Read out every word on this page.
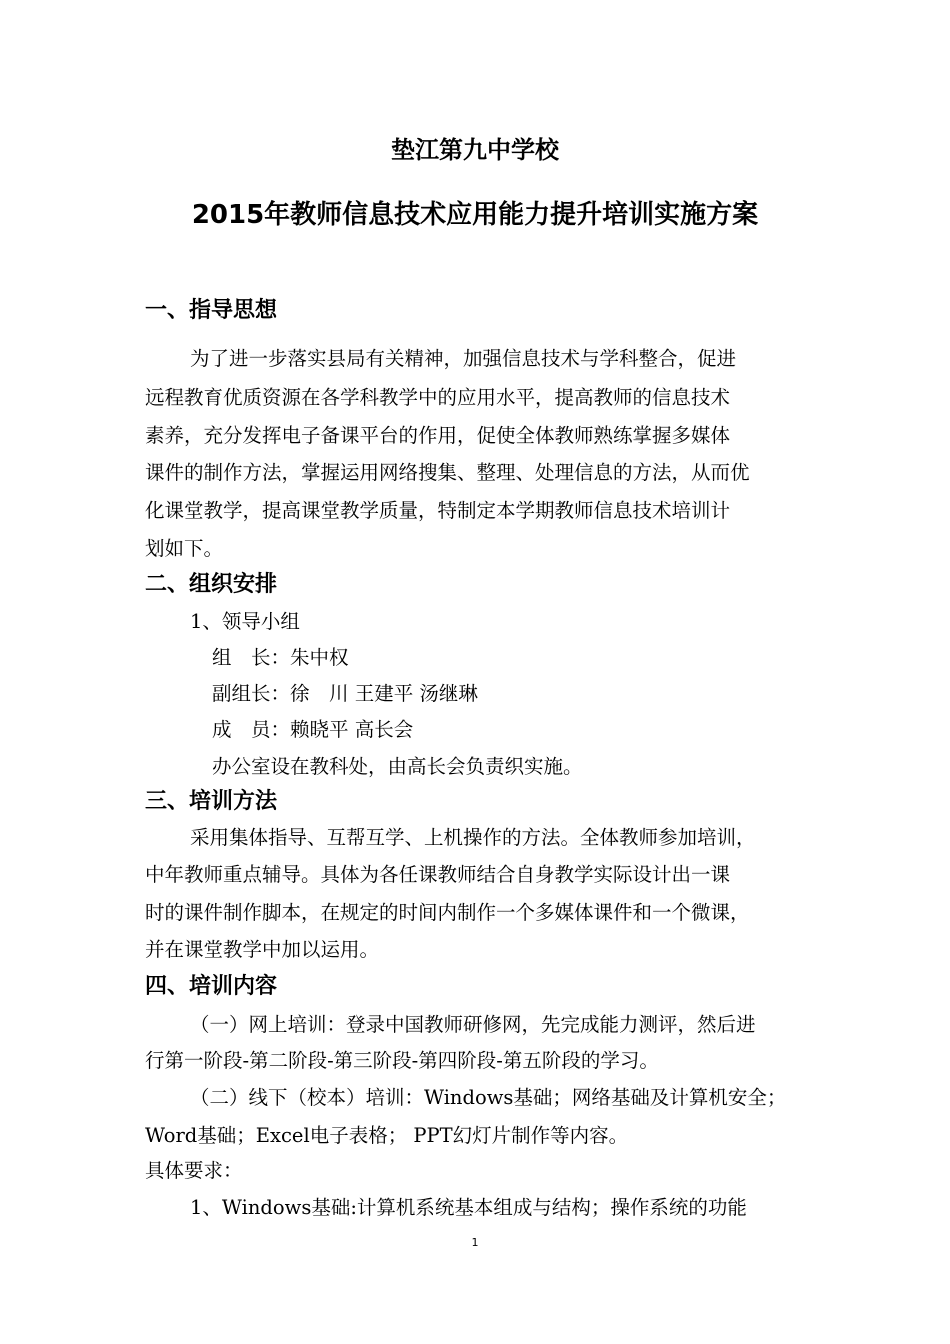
垫江第九中学校
2015年教师信息技术应用能力提升培训实施方案
一、指导思想
为了进一步落实县局有关精神，加强信息技术与学科整合，促进
远程教育优质资源在各学科教学中的应用水平，提高教师的信息技术
素养，充分发挥电子备课平台的作用，促使全体教师熟练掌握多媒体
课件的制作方法，掌握运用网络搜集、整理、处理信息的方法，从而优
化课堂教学，提高课堂教学质量，特制定本学期教师信息技术培训计
划如下。
二、组织安排
1、领导小组
组　长：朱中权
副组长：徐　川 王建平 汤继琳
成　员：赖晓平 高长会
办公室设在教科处，由高长会负责织实施。
三、培训方法
采用集体指导、互帮互学、上机操作的方法。全体教师参加培训，
中年教师重点辅导。具体为各任课教师结合自身教学实际设计出一课
时的课件制作脚本，在规定的时间内制作一个多媒体课件和一个微课，
并在课堂教学中加以运用。
四、培训内容
（一）网上培训：登录中国教师研修网，先完成能力测评，然后进
行第一阶段-第二阶段-第三阶段-第四阶段-第五阶段的学习。
（二）线下（校本）培训：Windows基础；网络基础及计算机安全；
Word基础；Excel电子表格； PPT幻灯片制作等内容。
具体要求：
1、Windows基础:计算机系统基本组成与结构；操作系统的功能
1
